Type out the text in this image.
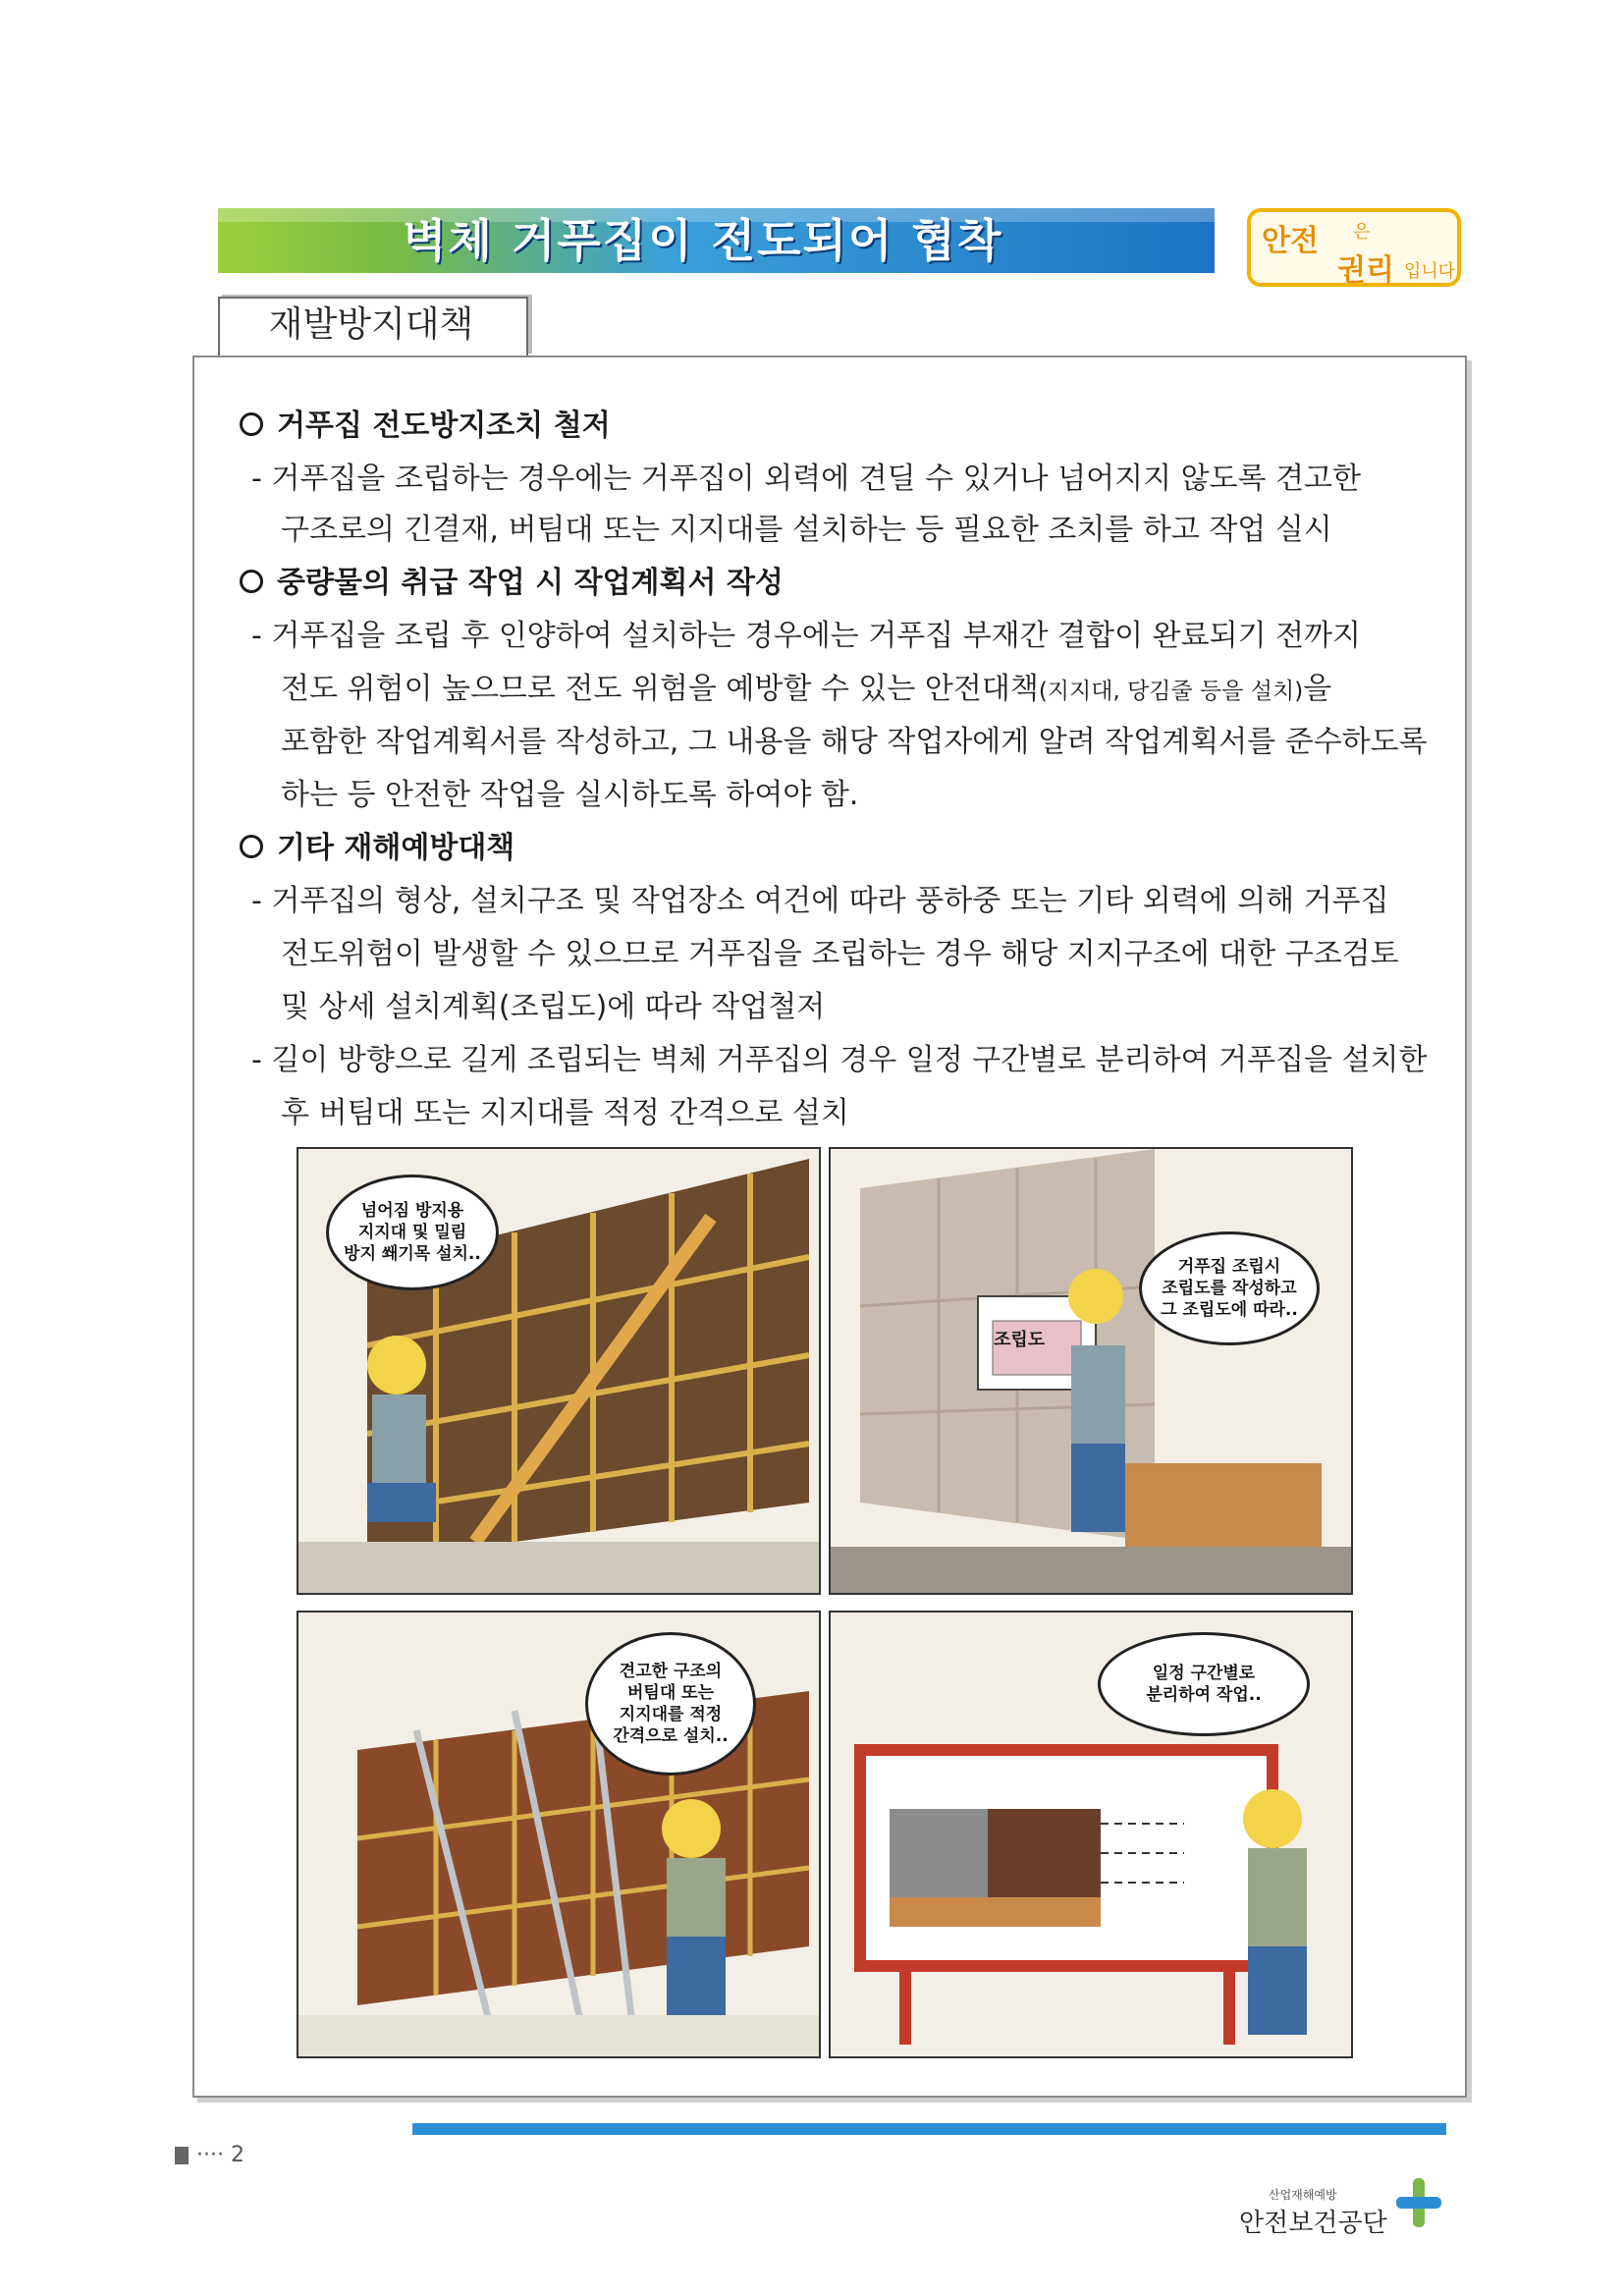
벽체 거푸집이 전도되어 협착	안전 은
권리 입니다
재발방지대책
거푸집 전도방지조치 철저
- 거푸집을 조립하는 경우에는 거푸집이 외력에 견딜 수 있거나 넘어지지 않도록 견고한
구조로의 긴결재, 버팀대 또는 지지대를 설치하는 등 필요한 조치를 하고 작업 실시
중량물의 취급 작업 시 작업계획서 작성
- 거푸집을 조립 후 인양하여 설치하는 경우에는 거푸집 부재간 결합이 완료되기 전까지
전도 위험이 높으므로 전도 위험을 예방할 수 있는 안전대책(지지대, 당김줄 등을 설치)을
포함한 작업계획서를 작성하고, 그 내용을 해당 작업자에게 알려 작업계획서를 준수하도록
하는 등 안전한 작업을 실시하도록 하여야 함.
기타 재해예방대책
- 거푸집의 형상, 설치구조 및 작업장소 여건에 따라 풍하중 또는 기타 외력에 의해 거푸집
전도위험이 발생할 수 있으므로 거푸집을 조립하는 경우 해당 지지구조에 대한 구조검토
및 상세 설치계획(조립도)에 따라 작업철저
- 길이 방향으로 길게 조립되는 벽체 거푸집의 경우 일정 구간별로 분리하여 거푸집을 설치한
후 버팀대 또는 지지대를 적정 간격으로 설치
넘어짐 방지용
지지대 및 밀림
방지 쐐기목 설치..
조립도
거푸집 조립시
조립도를 작성하고
그 조립도에 따라..
견고한 구조의
버팀대 또는
지지대를 적정
간격으로 설치..
일정 구간별로
분리하여 작업..
···· 2
산업재해예방
안전보건공단
